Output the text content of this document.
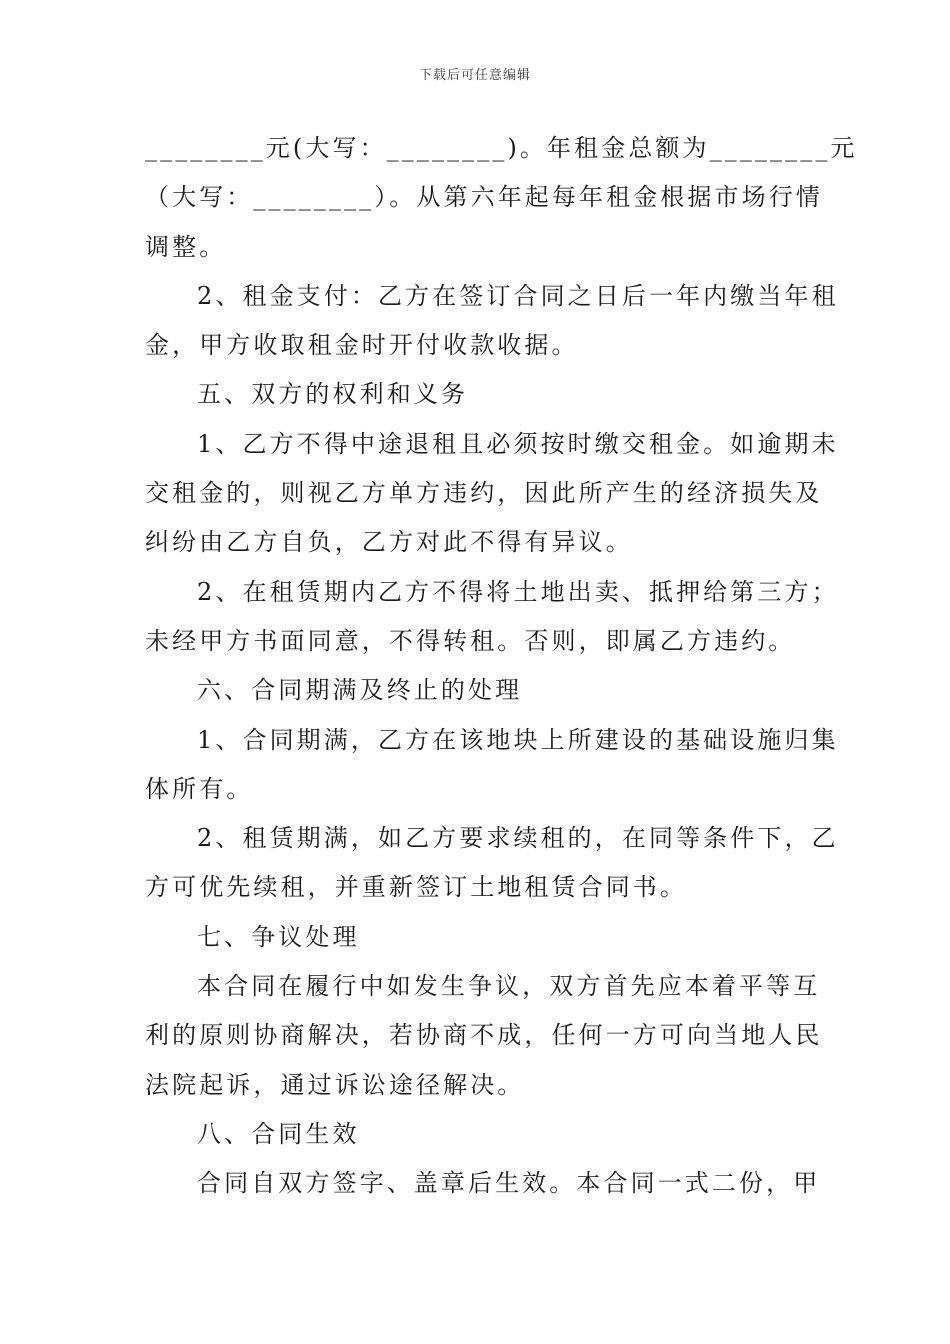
下载后可任意编辑

________元(大写：________)。年租金总额为________元

（大写：________）。从第六年起每年租金根据市场行情

调整。

2、租金支付：乙方在签订合同之日后一年内缴当年租

金，甲方收取租金时开付收款收据。

五、双方的权利和义务

1、乙方不得中途退租且必须按时缴交租金。如逾期未

交租金的，则视乙方单方违约，因此所产生的经济损失及

纠纷由乙方自负，乙方对此不得有异议。

2、在租赁期内乙方不得将土地出卖、抵押给第三方；

未经甲方书面同意，不得转租。否则，即属乙方违约。

六、合同期满及终止的处理

1、合同期满，乙方在该地块上所建设的基础设施归集

体所有。

2、租赁期满，如乙方要求续租的，在同等条件下，乙

方可优先续租，并重新签订土地租赁合同书。

七、争议处理

本合同在履行中如发生争议，双方首先应本着平等互

利的原则协商解决，若协商不成，任何一方可向当地人民

法院起诉，通过诉讼途径解决。

八、合同生效

合同自双方签字、盖章后生效。本合同一式二份，甲
